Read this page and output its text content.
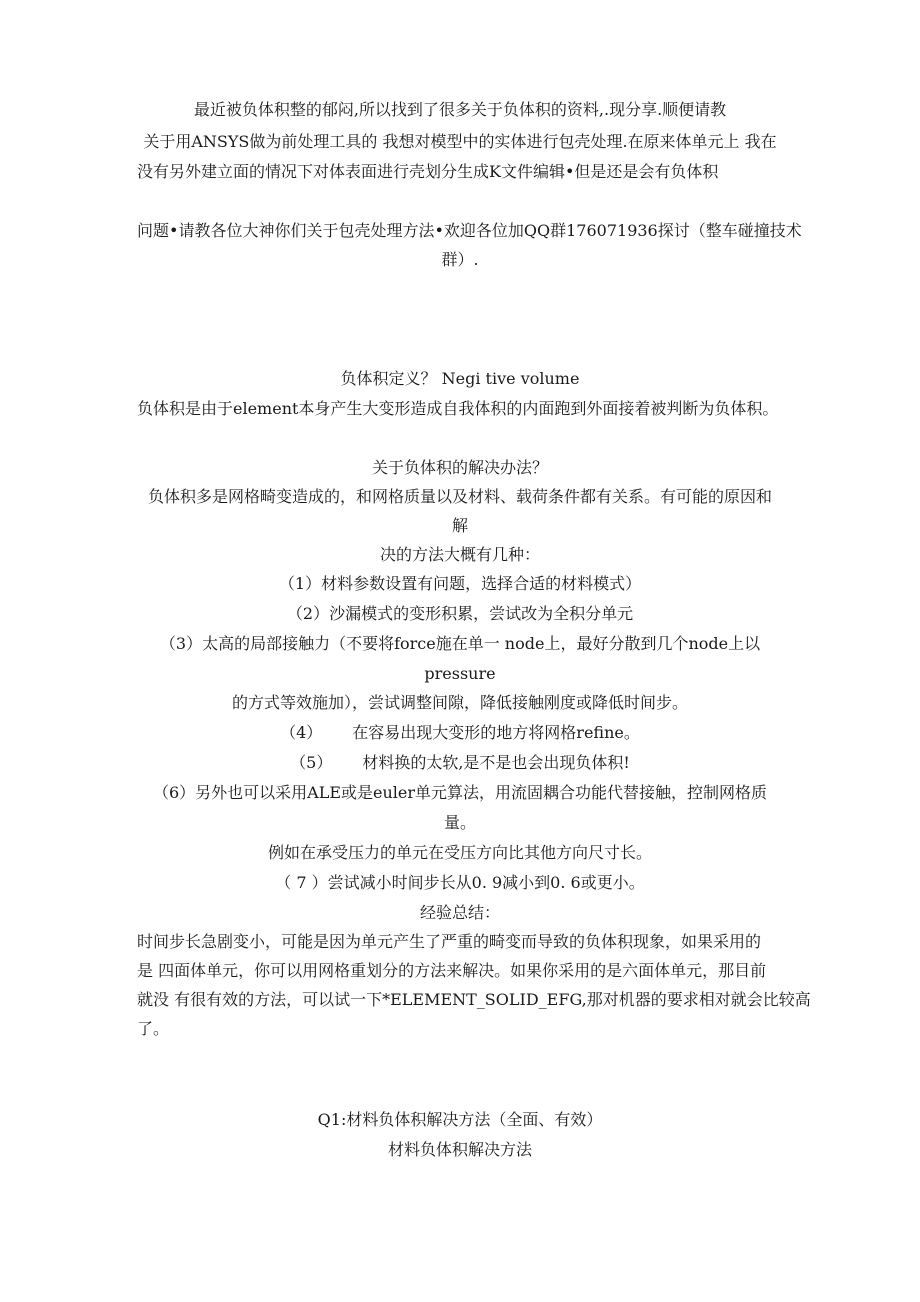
最近被负体积整的郁闷,所以找到了很多关于负体积的资料,.现分享.顺便请教

关于用ANSYS做为前处理工具的 我想对模型中的实体进行包壳处理.在原来体单元上 我在

没有另外建立面的情况下对体表面进行壳划分生成K文件编辑•但是还是会有负体积

问题•请教各位大神你们关于包壳处理方法•欢迎各位加QQ群176071936探讨（整车碰撞技术

群）.

负体积定义？ Negi tive volume

负体积是由于element本身产生大变形造成自我体积的内面跑到外面接着被判断为负体积。

关于负体积的解决办法？

负体积多是网格畸变造成的，和网格质量以及材料、载荷条件都有关系。有可能的原因和

解

决的方法大概有几种：

（1）材料参数设置有问题，选择合适的材料模式）

（2）沙漏模式的变形积累，尝试改为全积分单元

（3）太高的局部接触力（不要将force施在单一 node上，最好分散到几个node上以

pressure

的方式等效施加），尝试调整间隙，降低接触刚度或降低时间步。

（4） 在容易出现大变形的地方将网格refine。

（5） 材料换的太软,是不是也会出现负体积!

（6）另外也可以采用ALE或是euler单元算法，用流固耦合功能代替接触，控制网格质

量。

例如在承受压力的单元在受压方向比其他方向尺寸长。

（ 7 ）尝试减小时间步长从0. 9减小到0. 6或更小。

经验总结：

时间步长急剧变小，可能是因为单元产生了严重的畸变而导致的负体积现象，如果采用的

是 四面体单元，你可以用网格重划分的方法来解决。如果你采用的是六面体单元，那目前

就没 有很有效的方法，可以试一下*ELEMENT_SOLID_EFG,那对机器的要求相对就会比较高

了。

Q1:材料负体积解决方法（全面、有效）

材料负体积解决方法
